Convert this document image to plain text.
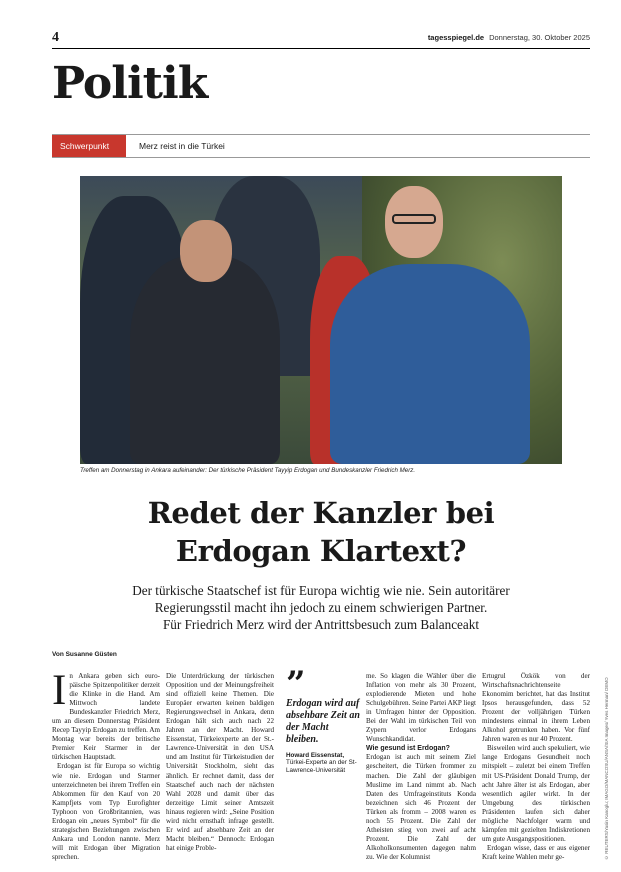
4	tagesspiegel.de Donnerstag, 30. Oktober 2025
Politik
Schwerpunkt	Merz reist in die Türkei
Treffen am Donnerstag in Ankara aufeinander: Der türkische Präsident Tayyip Erdogan und Bundeskanzler Friedrich Merz.
© REUTERS/Yasin Kanoglu; IMAGO/MANCOSU/ANSA/SIA Images/ Yves Herman/ DEMO
Redet der Kanzler bei
Erdogan Klartext?
Der türkische Staatschef ist für Europa wichtig wie nie. Sein autoritärer
Regierungsstil macht ihn jedoch zu einem schwierigen Partner.
Für Friedrich Merz wird der Antrittsbesuch zum Balanceakt
Von Susanne Güsten

In Ankara geben sich euro-päische Spitzenpolitiker derzeit die Klinke in die Hand. Am Mittwoch landete Bundeskanzler Friedrich Merz, um an diesem Donnerstag Präsident Recep Tayyip Erdogan zu treffen. Am Montag war bereits der britische Premier Keir Starmer in der türkischen Hauptstadt.

Erdogan ist für Europa so wichtig wie nie. Erdogan und Starmer unterzeichneten bei ihrem Treffen ein Abkommen für den Kauf von 20 Kampfjets vom Typ Eurofighter Typhoon von Großbritannien, was Erdogan ein „neues Symbol“ für die strategischen Beziehungen zwischen Ankara und London nannte. Merz will mit Erdogan über Migration sprechen.

Die Unterdrückung der türkischen Opposition und der Meinungsfreiheit sind offiziell keine Themen. Die Europäer erwarten keinen baldigen Regierungswechsel in Ankara, denn Erdogan hält sich auch nach 22 Jahren an der Macht. Howard Eissenstat, Türkeiexperte an der St.-Lawrence-Universität in den USA und am Institut für Türkeistudien der Universität Stockholm, sieht das ähnlich. Er rechnet damit, dass der Staatschef auch nach der nächsten Wahl 2028 und damit über das derzeitige Limit seiner Amtszeit hinaus regieren wird: „Seine Position wird nicht ernsthaft infrage gestellt. Er wird auf absehbare Zeit an der Macht bleiben.“ Dennoch: Erdogan hat einige Proble-

”
Erdogan wird auf absehbare Zeit an der Macht bleiben.
Howard Eissenstat,
Türkei-Experte an der St-Lawrence-Universität

me. So klagen die Wähler über die Inflation von mehr als 30 Prozent, explodierende Mieten und hohe Schulgebühren. Seine Partei AKP liegt in Umfragen hinter der Opposition. Bei der Wahl im türkischen Teil von Zypern verlor Erdogans Wunschkandidat.

Wie gesund ist Erdogan?

Erdogan ist auch mit seinem Ziel gescheitert, die Türken frommer zu machen. Die Zahl der gläubigen Muslime im Land nimmt ab. Nach Daten des Umfrageinstituts Konda bezeichnen sich 46 Prozent der Türken als fromm – 2008 waren es noch 55 Prozent. Die Zahl der Atheisten stieg von zwei auf acht Prozent. Die Zahl der Alkoholkonsumenten dagegen nahm zu. Wie der Kolumnist

Ertugrul Özkök von der Wirtschaftsnachrichtenseite Ekonomim berichtet, hat das Institut Ipsos herausgefunden, dass 52 Prozent der volljährigen Türken mindestens einmal in ihrem Leben Alkohol getrunken haben. Vor fünf Jahren waren es nur 40 Prozent.

Bisweilen wird auch spekuliert, wie lange Erdogans Gesundheit noch mitspielt – zuletzt bei einem Treffen mit US-Präsident Donald Trump, der acht Jahre älter ist als Erdogan, aber wesentlich agiler wirkt. In der Umgebung des türkischen Präsidenten laufen sich daher mögliche Nachfolger warm und kämpfen mit gezielten Indiskretionen um gute Ausgangspositionen.

Erdogan wisse, dass er aus eigener Kraft keine Wahlen mehr ge-
